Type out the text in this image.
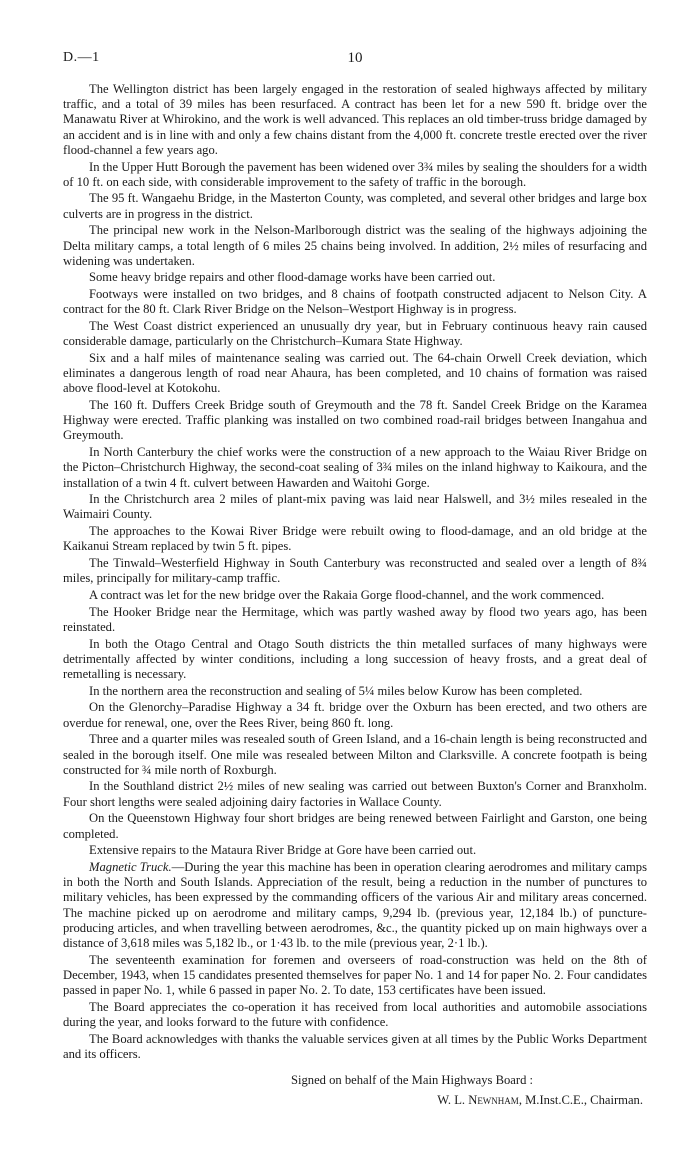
D.—1	10

The Wellington district has been largely engaged in the restoration of sealed highways affected by military traffic, and a total of 39 miles has been resurfaced. A contract has been let for a new 590 ft. bridge over the Manawatu River at Whirokino, and the work is well advanced. This replaces an old timber-truss bridge damaged by an accident and is in line with and only a few chains distant from the 4,000 ft. concrete trestle erected over the river flood-channel a few years ago.

In the Upper Hutt Borough the pavement has been widened over 3¾ miles by sealing the shoulders for a width of 10 ft. on each side, with considerable improvement to the safety of traffic in the borough.

The 95 ft. Wangaehu Bridge, in the Masterton County, was completed, and several other bridges and large box culverts are in progress in the district.

The principal new work in the Nelson-Marlborough district was the sealing of the highways adjoining the Delta military camps, a total length of 6 miles 25 chains being involved. In addition, 2½ miles of resurfacing and widening was undertaken.

Some heavy bridge repairs and other flood-damage works have been carried out.

Footways were installed on two bridges, and 8 chains of footpath constructed adjacent to Nelson City. A contract for the 80 ft. Clark River Bridge on the Nelson–Westport Highway is in progress.

The West Coast district experienced an unusually dry year, but in February continuous heavy rain caused considerable damage, particularly on the Christchurch–Kumara State Highway.

Six and a half miles of maintenance sealing was carried out. The 64-chain Orwell Creek deviation, which eliminates a dangerous length of road near Ahaura, has been completed, and 10 chains of formation was raised above flood-level at Kotokohu.

The 160 ft. Duffers Creek Bridge south of Greymouth and the 78 ft. Sandel Creek Bridge on the Karamea Highway were erected. Traffic planking was installed on two combined road-rail bridges between Inangahua and Greymouth.

In North Canterbury the chief works were the construction of a new approach to the Waiau River Bridge on the Picton–Christchurch Highway, the second-coat sealing of 3¾ miles on the inland highway to Kaikoura, and the installation of a twin 4 ft. culvert between Hawarden and Waitohi Gorge.

In the Christchurch area 2 miles of plant-mix paving was laid near Halswell, and 3½ miles resealed in the Waimairi County.

The approaches to the Kowai River Bridge were rebuilt owing to flood-damage, and an old bridge at the Kaikanui Stream replaced by twin 5 ft. pipes.

The Tinwald–Westerfield Highway in South Canterbury was reconstructed and sealed over a length of 8¾ miles, principally for military-camp traffic.

A contract was let for the new bridge over the Rakaia Gorge flood-channel, and the work commenced.

The Hooker Bridge near the Hermitage, which was partly washed away by flood two years ago, has been reinstated.

In both the Otago Central and Otago South districts the thin metalled surfaces of many highways were detrimentally affected by winter conditions, including a long succession of heavy frosts, and a great deal of remetalling is necessary.

In the northern area the reconstruction and sealing of 5¼ miles below Kurow has been completed.

On the Glenorchy–Paradise Highway a 34 ft. bridge over the Oxburn has been erected, and two others are overdue for renewal, one, over the Rees River, being 860 ft. long.

Three and a quarter miles was resealed south of Green Island, and a 16-chain length is being reconstructed and sealed in the borough itself. One mile was resealed between Milton and Clarksville. A concrete footpath is being constructed for ¾ mile north of Roxburgh.

In the Southland district 2½ miles of new sealing was carried out between Buxton's Corner and Branxholm. Four short lengths were sealed adjoining dairy factories in Wallace County.

On the Queenstown Highway four short bridges are being renewed between Fairlight and Garston, one being completed.

Extensive repairs to the Mataura River Bridge at Gore have been carried out.

Magnetic Truck.—During the year this machine has been in operation clearing aerodromes and military camps in both the North and South Islands. Appreciation of the result, being a reduction in the number of punctures to military vehicles, has been expressed by the commanding officers of the various Air and military areas concerned. The machine picked up on aerodrome and military camps, 9,294 lb. (previous year, 12,184 lb.) of puncture-producing articles, and when travelling between aerodromes, &c., the quantity picked up on main highways over a distance of 3,618 miles was 5,182 lb., or 1·43 lb. to the mile (previous year, 2·1 lb.).

The seventeenth examination for foremen and overseers of road-construction was held on the 8th of December, 1943, when 15 candidates presented themselves for paper No. 1 and 14 for paper No. 2. Four candidates passed in paper No. 1, while 6 passed in paper No. 2. To date, 153 certificates have been issued.

The Board appreciates the co-operation it has received from local authorities and automobile associations during the year, and looks forward to the future with confidence.

The Board acknowledges with thanks the valuable services given at all times by the Public Works Department and its officers.

Signed on behalf of the Main Highways Board :
W. L. Newnham, M.Inst.C.E., Chairman.
